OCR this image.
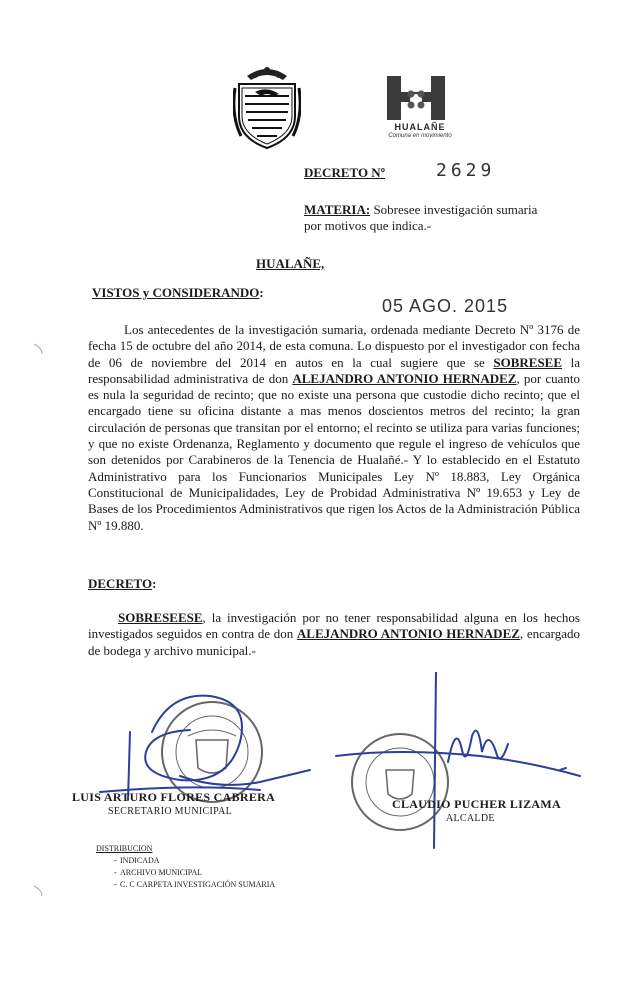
HUALAÑE
Comuna en movimiento
DECRETO Nº	2629
MATERIA: Sobresee investigación sumaria
por motivos que indica.-
HUALAÑE,
VISTOS y CONSIDERANDO:
05 AGO. 2015
Los antecedentes de la investigación sumaria, ordenada mediante Decreto Nº 3176 de fecha 15 de octubre del año 2014, de esta comuna. Lo dispuesto por el investigador con fecha de 06 de noviembre del 2014 en autos en la cual sugiere que se SOBRESEE la responsabilidad administrativa de don ALEJANDRO ANTONIO HERNADEZ, por cuanto es nula la seguridad de recinto; que no existe una persona que custodie dicho recinto; que el encargado tiene su oficina distante a mas menos doscientos metros del recinto; la gran circulación de personas que transitan por el entorno; el recinto se utiliza para varias funciones; y que no existe Ordenanza, Reglamento y documento que regule el ingreso de vehículos que son detenidos por Carabineros de la Tenencia de Hualañé.- Y lo establecido en el Estatuto Administrativo para los Funcionarios Municipales Ley Nº 18.883, Ley Orgánica Constitucional de Municipalidades, Ley de Probidad Administrativa Nº 19.653 y Ley de Bases de los Procedimientos Administrativos que rigen los Actos de la Administración Pública Nº 19.880.
DECRETO:
SOBRESEESE, la investigación por no tener responsabilidad alguna en los hechos investigados seguidos en contra de don ALEJANDRO ANTONIO HERNADEZ, encargado de bodega y archivo municipal.-
LUIS ARTURO FLORES CABRERA
SECRETARIO MUNICIPAL
CLAUDIO PUCHER LIZAMA
ALCALDE
DISTRIBUCION
- INDICADA
- ARCHIVO MUNICIPAL
- C. C CARPETA INVESTIGACIÓN SUMARIA
